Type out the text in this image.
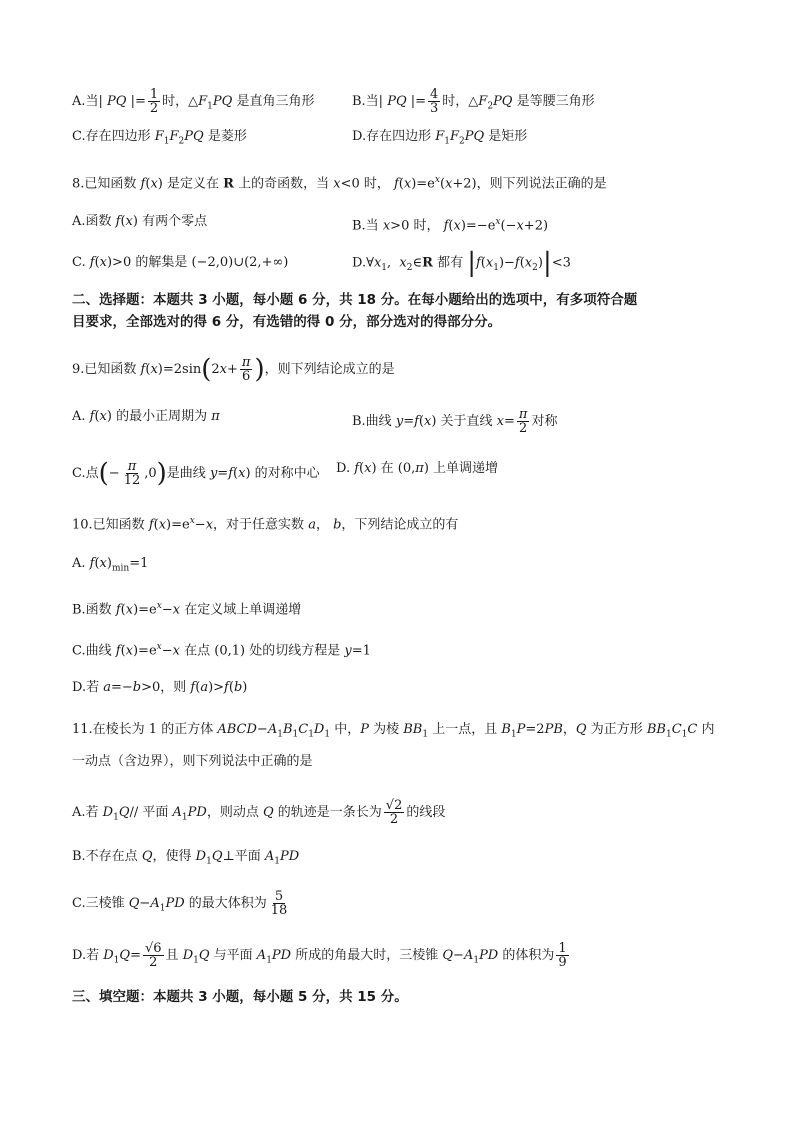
A.当| PQ |= $\frac{1}{2}$ 时，$\triangle F_1PQ$ 是直角三角形	B.当| PQ |= $\frac{4}{3}$ 时，$\triangle F_2PQ$ 是等腰三角形
C.存在四边形 $F_1F_2PQ$ 是菱形	D.存在四边形 $F_1F_2PQ$ 是矩形
8.已知函数 f(x) 是定义在 R 上的奇函数，当 x<0 时， $f(x)=e^x(x+2)$，则下列说法正确的是
A.函数 f(x) 有两个零点	B.当 x>0 时， $f(x)=-e^x(-x+2)$
C. f(x)>0 的解集是 (−2,0)∪(2,+∞)	$D.\forall x_1$,  $x_2\in R$ 都有 $|f(x_1)-f(x_2)|<3$
二、选择题：本题共 3 小题，每小题 6 分，共 18 分。在每小题给出的选项中，有多项符合题
目要求，全部选对的得 6 分，有选错的得 0 分，部分选对的得部分分。
9.已知函数 $f(x)=2\sin(2x+ \frac{\pi}{6}$ )，则下列结论成立的是
A. f(x) 的最小正周期为 π	B.曲线 y=f(x) 关于直线 $x= \frac{\pi}{2}$ 对称
C.点(− $\frac{\pi}{12} ,0$)是曲线 y=f(x) 的对称中心 D. f(x) 在 (0,π) 上单调递增
10.已知函数 $f(x)=e^x-x$，对于任意实数 a， b，下列结论成立的有
A. $f(x)_{min}=1$
B.函数 $f(x)=e^x-x$ 在定义域上单调递增
C.曲线 $f(x)=e^x-x$ 在点 (0,1) 处的切线方程是 y=1
D.若 a=−b>0，则 f(a)>f(b)
11.在棱长为 1 的正方体 $ABCD-A_1B_1C_1D_1$ 中，P 为棱 $BB_1$ 上一点，且 $B_1P=2PB$，Q 为正方形 $BB_1C_1C$ 内
一动点（含边界），则下列说法中正确的是
A.若 $D_1Q//$ 平面 $A_1PD$，则动点 Q 的轨迹是一条长为 $\frac{√2}{2}$ 的线段
B.不存在点 Q，使得 $D_1Q\perp$平面 $A_1PD$
C.三棱锥 $Q-A_1PD$ 的最大体积为 $\frac{5}{18}$
D.若 $D_1Q= \frac{√6}{2}$ 且 $D_1Q$ 与平面 $A_1PD$ 所成的角最大时，三棱锥 $Q-A_1PD$ 的体积为 $\frac{1}{9}$
三、填空题：本题共 3 小题，每小题 5 分，共 15 分。
